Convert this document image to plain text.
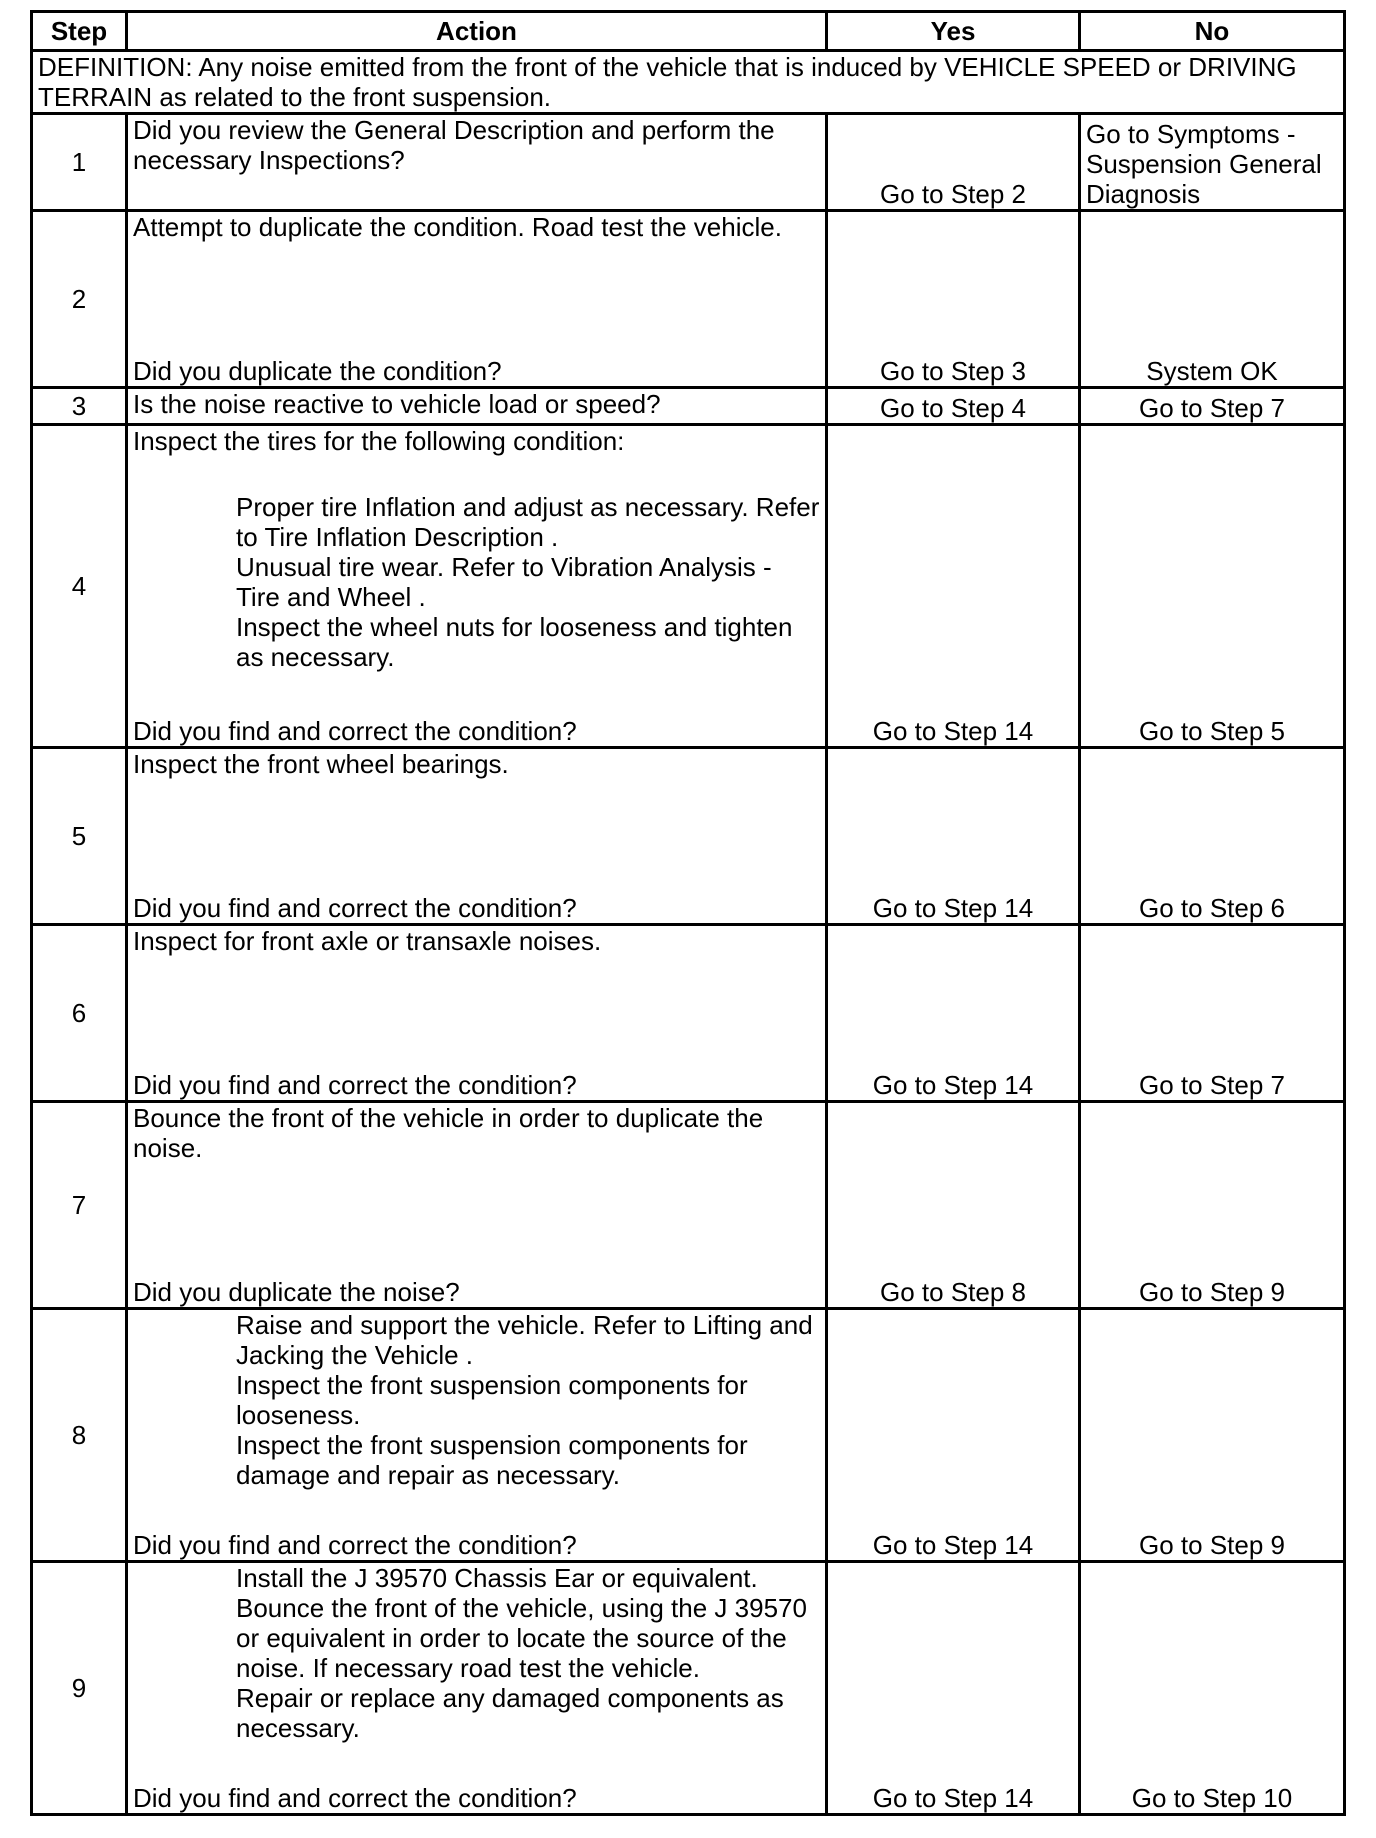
Step	Action	Yes	No
DEFINITION: Any noise emitted from the front of the vehicle that is induced by VEHICLE SPEED or DRIVING TERRAIN as related to the front suspension.			
1	Did you review the General Description and perform the necessary Inspections?	Go to Step 2	Go to Symptoms - Suspension General Diagnosis
2	Attempt to duplicate the condition. Road test the vehicle.
Did you duplicate the condition?	Go to Step 3	System OK
3	Is the noise reactive to vehicle load or speed?	Go to Step 4	Go to Step 7
4	Inspect the tires for the following condition:
Proper tire Inflation and adjust as necessary. Refer to Tire Inflation Description .
Unusual tire wear. Refer to Vibration Analysis - Tire and Wheel .
Inspect the wheel nuts for looseness and tighten as necessary.
Did you find and correct the condition?	Go to Step 14	Go to Step 5
5	Inspect the front wheel bearings.
Did you find and correct the condition?	Go to Step 14	Go to Step 6
6	Inspect for front axle or transaxle noises.
Did you find and correct the condition?	Go to Step 14	Go to Step 7
7	Bounce the front of the vehicle in order to duplicate the noise.
Did you duplicate the noise?	Go to Step 8	Go to Step 9
8	Raise and support the vehicle. Refer to Lifting and Jacking the Vehicle .
Inspect the front suspension components for looseness.
Inspect the front suspension components for damage and repair as necessary.
Did you find and correct the condition?	Go to Step 14	Go to Step 9
9	Install the J 39570 Chassis Ear or equivalent.
Bounce the front of the vehicle, using the J 39570 or equivalent in order to locate the source of the noise. If necessary road test the vehicle.
Repair or replace any damaged components as necessary.
Did you find and correct the condition?	Go to Step 14	Go to Step 10
